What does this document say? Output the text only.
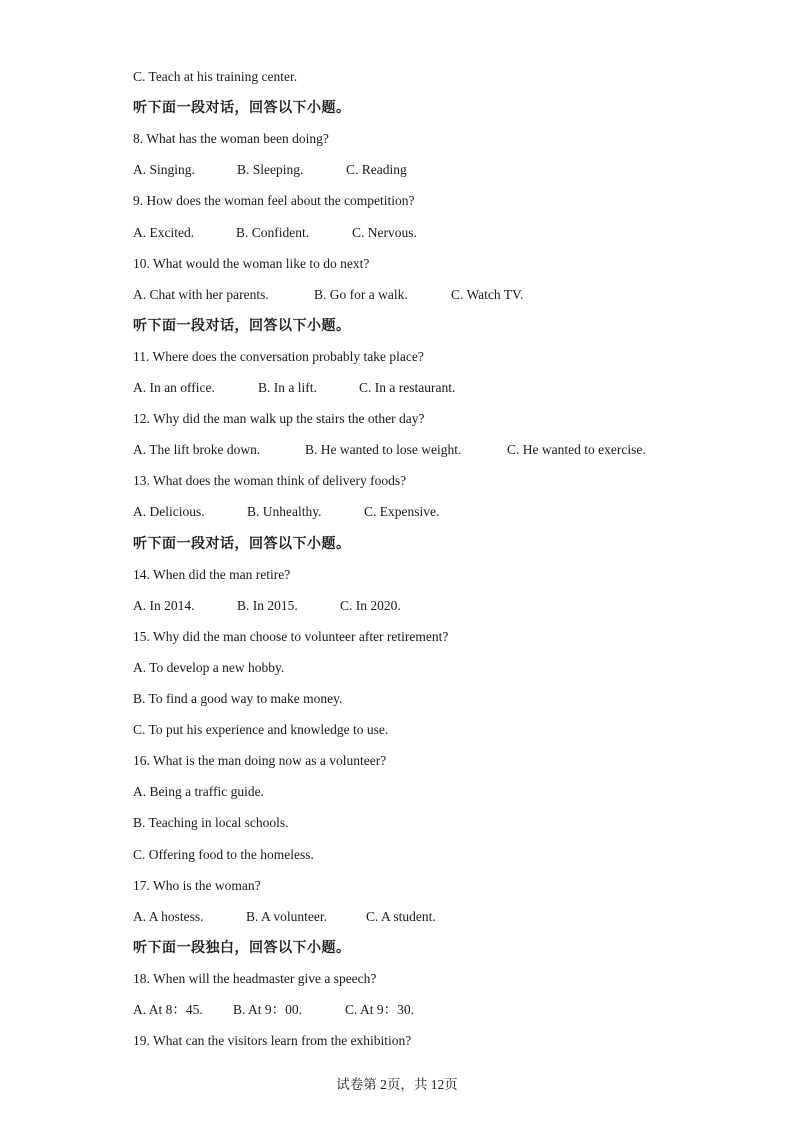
C. Teach at his training center.
听下面一段对话，回答以下小题。
8. What has the woman been doing?
A. Singing.	B. Sleeping.	C. Reading
9. How does the woman feel about the competition?
A. Excited.	B. Confident.	C. Nervous.
10. What would the woman like to do next?
A. Chat with her parents.	B. Go for a walk.	C. Watch TV.
听下面一段对话，回答以下小题。
11. Where does the conversation probably take place?
A. In an office.	B. In a lift.	C. In a restaurant.
12. Why did the man walk up the stairs the other day?
A. The lift broke down.	B. He wanted to lose weight.	C. He wanted to exercise.
13. What does the woman think of delivery foods?
A. Delicious.	B. Unhealthy.	C. Expensive.
听下面一段对话，回答以下小题。
14. When did the man retire?
A. In 2014.	B. In 2015.	C. In 2020.
15. Why did the man choose to volunteer after retirement?
A. To develop a new hobby.
B. To find a good way to make money.
C. To put his experience and knowledge to use.
16. What is the man doing now as a volunteer?
A. Being a traffic guide.
B. Teaching in local schools.
C. Offering food to the homeless.
17. Who is the woman?
A. A hostess.	B. A volunteer.	C. A student.
听下面一段独白，回答以下小题。
18. When will the headmaster give a speech?
A. At 8：45. B. At 9：00.	C. At 9：30.
19. What can the visitors learn from the exhibition?
试卷第 2页，共 12页
